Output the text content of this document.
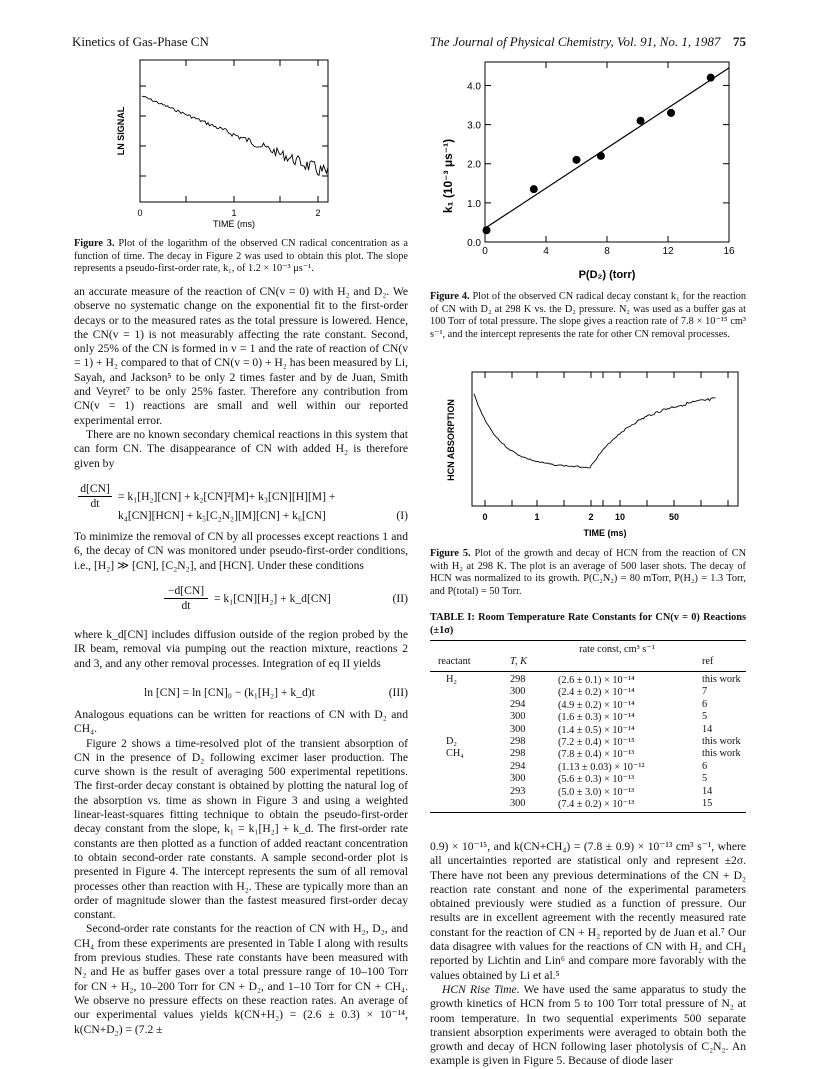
Kinetics of Gas-Phase CN	The Journal of Physical Chemistry, Vol. 91, No. 1, 1987 75
LN SIGNAL
0	1	2
TIME (ms)
Figure 3. Plot of the logarithm of the observed CN radical concentration as a function of time. The decay in Figure 2 was used to obtain this plot. The slope represents a pseudo-first-order rate, k₁, of 1.2 × 10⁻³ μs⁻¹.

an accurate measure of the reaction of CN(v = 0) with H₂ and D₂. We observe no systematic change on the exponential fit to the first-order decays or to the measured rates as the total pressure is lowered. Hence, the CN(v = 1) is not measurably affecting the rate constant. Second, only 25% of the CN is formed in v = 1 and the rate of reaction of CN(v = 1) + H₂ compared to that of CN(v = 0) + H₂ has been measured by Li, Sayah, and Jackson⁵ to be only 2 times faster and by de Juan, Smith and Veyret⁷ to be only 25% faster. Therefore any contribution from CN(v = 1) reactions are small and well within our reported experimental error.

There are no known secondary chemical reactions in this system that can form CN. The disappearance of CN with added H₂ is therefore given by

d[CN]
dt
= k₁[H₂][CN] + k₂[CN]²[M]+ k₃[CN][H][M] +
k₄[CN][HCN] + k₅[C₂N₂][M][CN] + k₆[CN]	(I)
To minimize the removal of CN by all processes except reactions 1 and 6, the decay of CN was monitored under pseudo-first-order conditions, i.e., [H₂] ≫ [CN], [C₂N₂], and [HCN]. Under these conditions
−d[CN]
dt
= k₁[CN][H₂] + k_d[CN]	(II)
where k_d[CN] includes diffusion outside of the region probed by the IR beam, removal via pumping out the reaction mixture, reactions 2 and 3, and any other removal processes. Integration of eq II yields
ln [CN] = ln [CN]₀ − (k₁[H₂] + k_d)t	(III)

Analogous equations can be written for reactions of CN with D₂ and CH₄.

Figure 2 shows a time-resolved plot of the transient absorption of CN in the presence of D₂ following excimer laser production. The curve shown is the result of averaging 500 experimental repetitions. The first-order decay constant is obtained by plotting the natural log of the absorption vs. time as shown in Figure 3 and using a weighted linear-least-squares fitting technique to obtain the pseudo-first-order decay constant from the slope, k₁ = k₁[H₂] + k_d. The first-order rate constants are then plotted as a function of added reactant concentration to obtain second-order rate constants. A sample second-order plot is presented in Figure 4. The intercept represents the sum of all removal processes other than reaction with H₂. These are typically more than an order of magnitude slower than the fastest measured first-order decay constant.

Second-order rate constants for the reaction of CN with H₂, D₂, and CH₄ from these experiments are presented in Table I along with results from previous studies. These rate constants have been measured with N₂ and He as buffer gases over a total pressure range of 10–100 Torr for CN + H₂, 10–200 Torr for CN + D₂, and 1–10 Torr for CN + CH₄. We observe no pressure effects on these reaction rates. An average of our experimental values yields k(CN+H₂) = (2.6 ± 0.3) × 10⁻¹⁴, k(CN+D₂) = (7.2 ±

0	4	8	12	16
0.0
1.0
2.0
3.0
4.0
k₁ (10⁻³ μs⁻¹)
P(D₂) (torr)
Figure 4. Plot of the observed CN radical decay constant k₁ for the reaction of CN with D₂ at 298 K vs. the D₂ pressure. N₂ was used as a buffer gas at 100 Torr of total pressure. The slope gives a reaction rate of 7.8 × 10⁻¹⁵ cm³ s⁻¹, and the intercept represents the rate for other CN removal processes.
HCN ABSORPTION
0	1	2 10	50
TIME (ms)
Figure 5. Plot of the growth and decay of HCN from the reaction of CN with H₂ at 298 K. The plot is an average of 500 laser shots. The decay of HCN was normalized to its growth. P(C₂N₂) = 80 mTorr, P(H₂) = 1.3 Torr, and P(total) = 50 Torr.
TABLE I: Room Temperature Rate Constants for CN(v = 0) Reactions (±1σ)
reactant	T, K
rate const, cm³ s⁻¹
ref
H₂	298	(2.6 ± 0.1) × 10⁻¹⁴	this work
300	(2.4 ± 0.2) × 10⁻¹⁴	7
294	(4.9 ± 0.2) × 10⁻¹⁴	6
300	(1.6 ± 0.3) × 10⁻¹⁴	5
300	(1.4 ± 0.5) × 10⁻¹⁴	14
D₂	298	(7.2 ± 0.4) × 10⁻¹⁵	this work
CH₄	298	(7.8 ± 0.4) × 10⁻¹³	this work
294	(1.13 ± 0.03) × 10⁻¹²	6
300	(5.6 ± 0.3) × 10⁻¹³	5
293	(5.0 ± 3.0) × 10⁻¹³	14
300	(7.4 ± 0.2) × 10⁻¹³	15

0.9) × 10⁻¹⁵, and k(CN+CH₄) = (7.8 ± 0.9) × 10⁻¹³ cm³ s⁻¹, where all uncertainties reported are statistical only and represent ±2σ. There have not been any previous determinations of the CN + D₂ reaction rate constant and none of the experimental parameters obtained previously were studied as a function of pressure. Our results are in excellent agreement with the recently measured rate constant for the reaction of CN + H₂ reported by de Juan et al.⁷ Our data disagree with values for the reactions of CN with H₂ and CH₄ reported by Lichtin and Lin⁶ and compare more favorably with the values obtained by Li et al.⁵

HCN Rise Time. We have used the same apparatus to study the growth kinetics of HCN from 5 to 100 Torr total pressure of N₂ at room temperature. In two sequential experiments 500 separate transient absorption experiments were averaged to obtain both the growth and decay of HCN following laser photolysis of C₂N₂. An example is given in Figure 5. Because of diode laser
